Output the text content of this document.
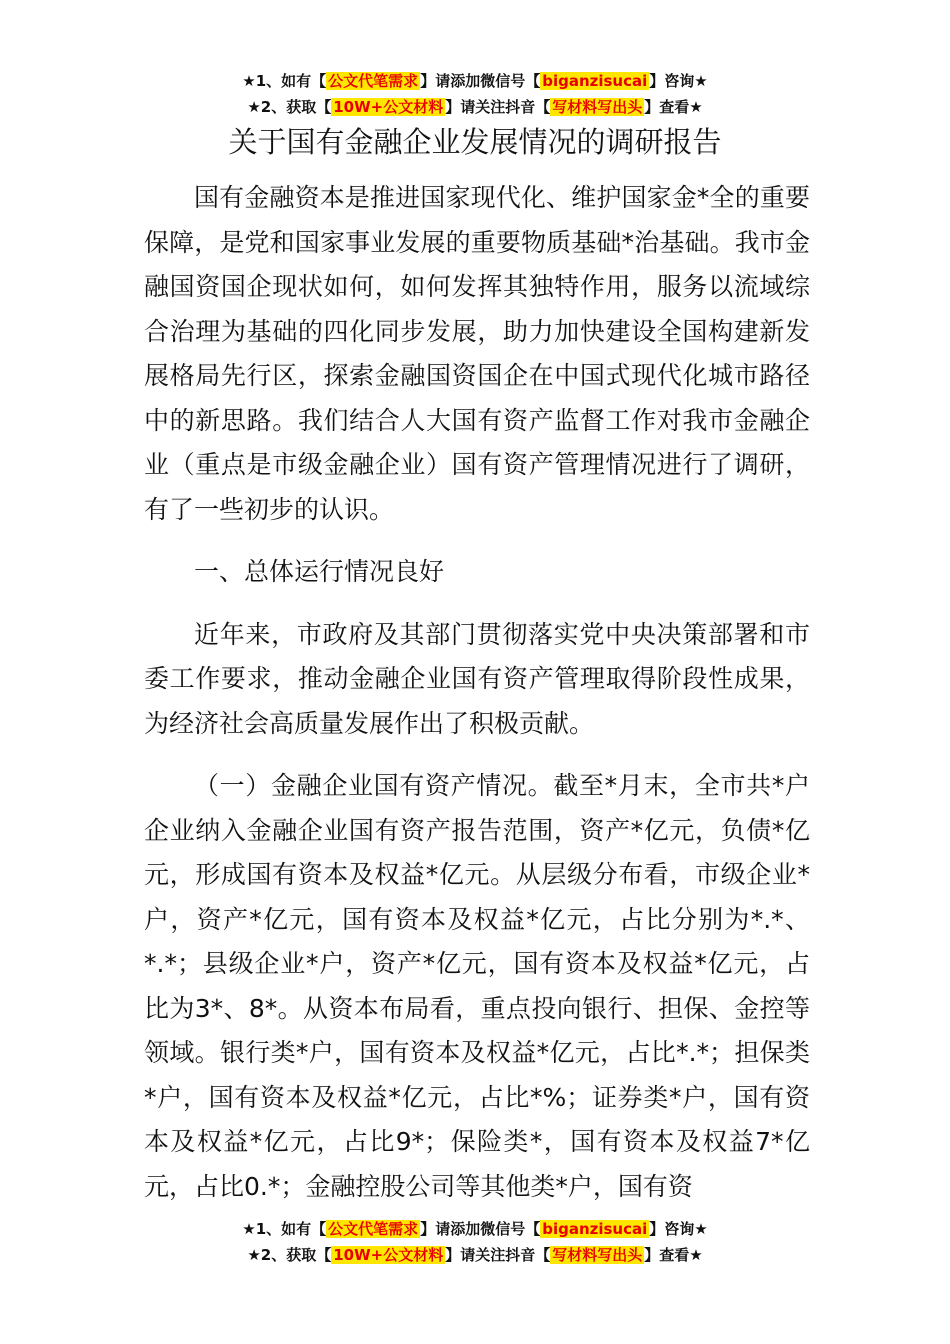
★1、如有【 公文代笔需求 】请添加微信号【 biganzisucai 】咨询★
★2、获取【 10W+公文材料 】请关注抖音【 写材料写出头 】查看★
关于国有金融企业发展情况的调研报告

国有金融资本是推进国家现代化、维护国家金*全的重要保障，是党和国家事业发展的重要物质基础*治基础。我市金融国资国企现状如何，如何发挥其独特作用，服务以流域综合治理为基础的四化同步发展，助力加快建设全国构建新发展格局先行区，探索金融国资国企在中国式现代化城市路径中的新思路。我们结合人大国有资产监督工作对我市金融企业（重点是市级金融企业）国有资产管理情况进行了调研，有了一些初步的认识。

一、总体运行情况良好

近年来，市政府及其部门贯彻落实党中央决策部署和市委工作要求，推动金融企业国有资产管理取得阶段性成果，为经济社会高质量发展作出了积极贡献。

（一）金融企业国有资产情况。截至*月末，全市共*户企业纳入金融企业国有资产报告范围，资产*亿元，负债*亿元，形成国有资本及权益*亿元。从层级分布看，市级企业*户，资产*亿元，国有资本及权益*亿元，占比分别为*.*、*.*；县级企业*户，资产*亿元，国有资本及权益*亿元，占比为3*、8*。从资本布局看，重点投向银行、担保、金控等领域。银行类*户，国有资本及权益*亿元，占比*.*；担保类*户，国有资本及权益*亿元，占比*%；证券类*户，国有资本及权益*亿元，占比9*；保险类*，国有资本及权益7*亿元，占比0.*；金融控股公司等其他类*户，国有资

★1、如有【 公文代笔需求 】请添加微信号【 biganzisucai 】咨询★
★2、获取【 10W+公文材料 】请关注抖音【 写材料写出头 】查看★
